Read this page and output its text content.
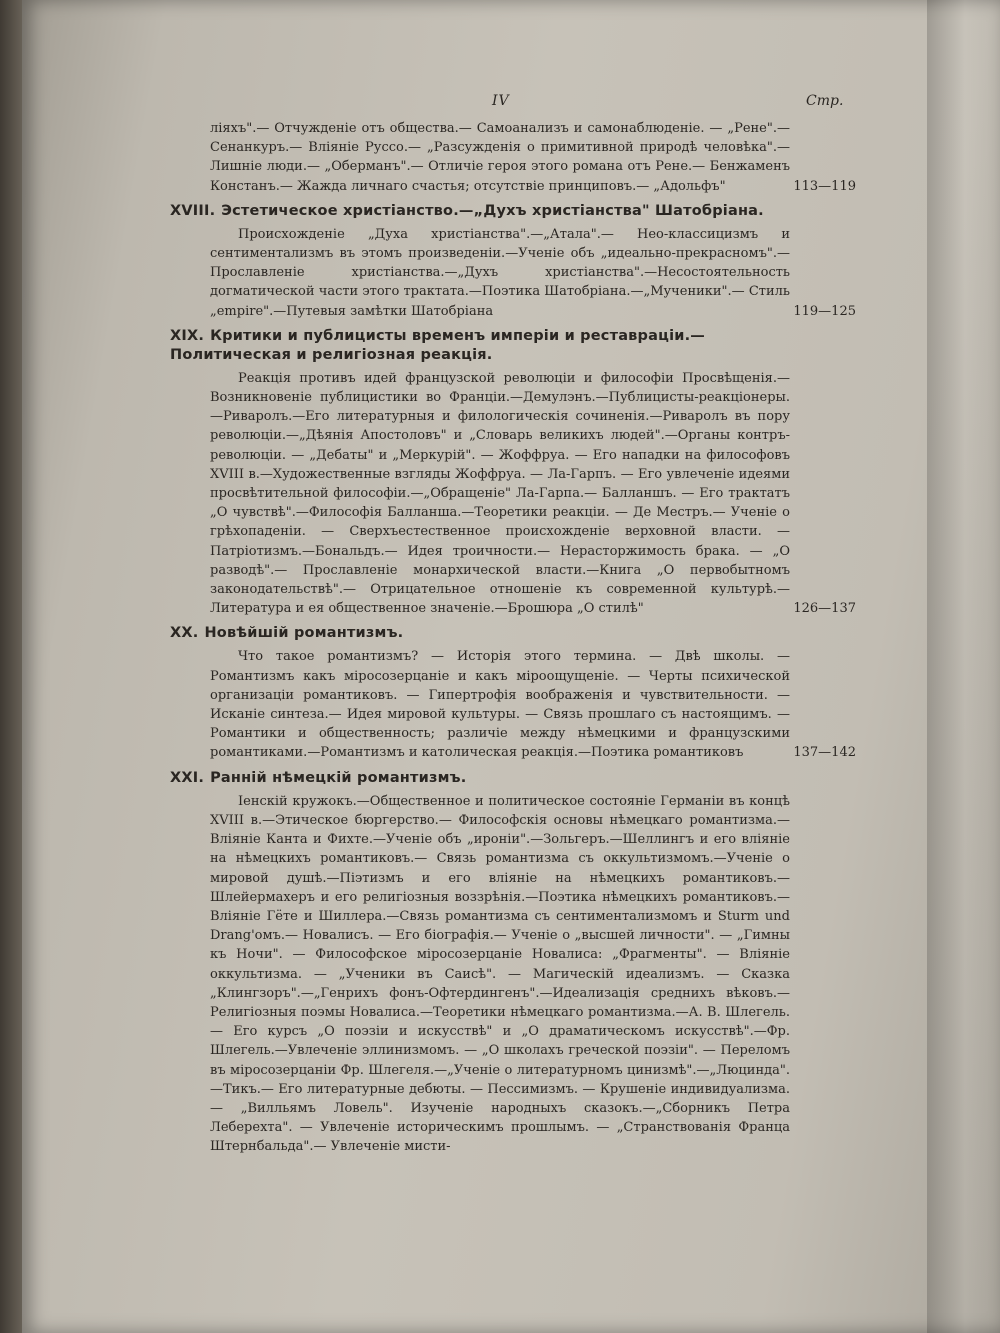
IV	Стр.

ліяхъ".— Отчужденіе отъ общества.— Самоанализъ и самонаблюденіе. — „Рене".— Сенанкуръ.— Вліяніе Руссо.— „Разсужденія о примитивной природѣ человѣка".— Лишніе люди.— „Оберманъ".— Отличіе героя этого романа отъ Рене.— Бенжаменъ Констанъ.— Жажда личнаго счастья; отсутствіе принциповъ.— „Адольфъ"	113—119

XVIII. Эстетическое христіанство.—„Духъ христіанства" Шатобріана.

Происхожденіе „Духа христіанства".—„Атала".— Нео-классицизмъ и сентиментализмъ въ этомъ произведеніи.—Ученіе объ „идеально-прекрасномъ".—Прославленіе христіанства.—„Духъ христіанства".—Несостоятельность догматической части этого трактата.—Поэтика Шатобріана.—„Мученики".— Стиль „empire".—Путевыя замѣтки Шатобріана	119—125

XIX. Критики и публицисты временъ имперіи и реставраціи.—Политическая и религіозная реакція.

Реакція противъ идей французской революціи и философіи Просвѣщенія.—Возникновеніе публицистики во Франціи.—Демулэнъ.—Публицисты-реакціонеры.—Риваролъ.—Его литературныя и филологическія сочиненія.—Риваролъ въ пору революціи.—„Дѣянія Апостоловъ" и „Словарь великихъ людей".—Органы контръ-революціи. — „Дебаты" и „Меркурій". — Жоффруа. — Его нападки на философовъ XVIII в.—Художественные взгляды Жоффруа. — Ла-Гарпъ. — Его увлеченіе идеями просвѣтительной философіи.—„Обращеніе" Ла-Гарпа.— Балланшъ. — Его трактатъ „О чувствѣ".—Философія Балланша.—Теоретики реакціи. — Де Местръ.— Ученіе о грѣхопаденіи. — Сверхъестественное происхожденіе верховной власти. — Патріотизмъ.—Бональдъ.— Идея троичности.— Нерасторжимость брака. — „О разводѣ".— Прославленіе монархической власти.—Книга „О первобытномъ законодательствѣ".— Отрицательное отношеніе къ современной культурѣ.—Литература и ея общественное значеніе.—Брошюра „О стилѣ"	126—137

XX. Новѣйшій романтизмъ.

Что такое романтизмъ? — Исторія этого термина. — Двѣ школы. — Романтизмъ какъ міросозерцаніе и какъ міроощущеніе. — Черты психической организаціи романтиковъ. — Гипертрофія воображенія и чувствительности. — Исканіе синтеза.— Идея мировой культуры. — Связь прошлаго съ настоящимъ. — Романтики и общественность; различіе между нѣмецкими и французскими романтиками.—Романтизмъ и католическая реакція.—Поэтика романтиковъ	137—142

XXI. Ранній нѣмецкій романтизмъ.

Іенскій кружокъ.—Общественное и политическое состояніе Германіи въ концѣ XVIII в.—Этическое бюргерство.— Философскія основы нѣмецкаго романтизма.— Вліяніе Канта и Фихте.—Ученіе объ „ироніи".—Зольгеръ.—Шеллингъ и его вліяніе на нѣмецкихъ романтиковъ.— Связь романтизма съ оккультизмомъ.—Ученіе о мировой душѣ.—Пiэтизмъ и его вліяніе на нѣмецкихъ романтиковъ.—Шлейермахеръ и его религіозныя воззрѣнія.—Поэтика нѣмецкихъ романтиковъ.—Вліяніе Гёте и Шиллера.—Связь романтизма съ сентиментализмомъ и Sturm und Drang'омъ.— Новалисъ. — Его біографія.— Ученіе о „высшей личности". — „Гимны къ Ночи". — Философское міросозерцаніе Новалиса: „Фрагменты". — Вліяніе оккультизма. — „Ученики въ Саисѣ". — Магическій идеализмъ. — Сказка „Клингзоръ".—„Генрихъ фонъ-Офтердингенъ".—Идеализація среднихъ вѣковъ.—Религіозныя поэмы Новалиса.—Теоретики нѣмецкаго романтизма.—А. В. Шлегель.— Его курсъ „О поэзіи и искусствѣ" и „О драматическомъ искусствѣ".—Фр. Шлегель.—Увлеченіе эллинизмомъ. — „О школахъ греческой поэзіи". — Переломъ въ міросозерцаніи Фр. Шлегеля.—„Ученіе о литературномъ цинизмѣ".—„Люцинда".—Тикъ.— Его литературные дебюты. — Пессимизмъ. — Крушеніе индивидуализма. — „Вилльямъ Ловель". Изученіе народныхъ сказокъ.—„Сборникъ Петра Леберехта". — Увлеченіе историческимъ прошлымъ. — „Странствованія Франца Штернбальда".— Увлеченіе мисти-
